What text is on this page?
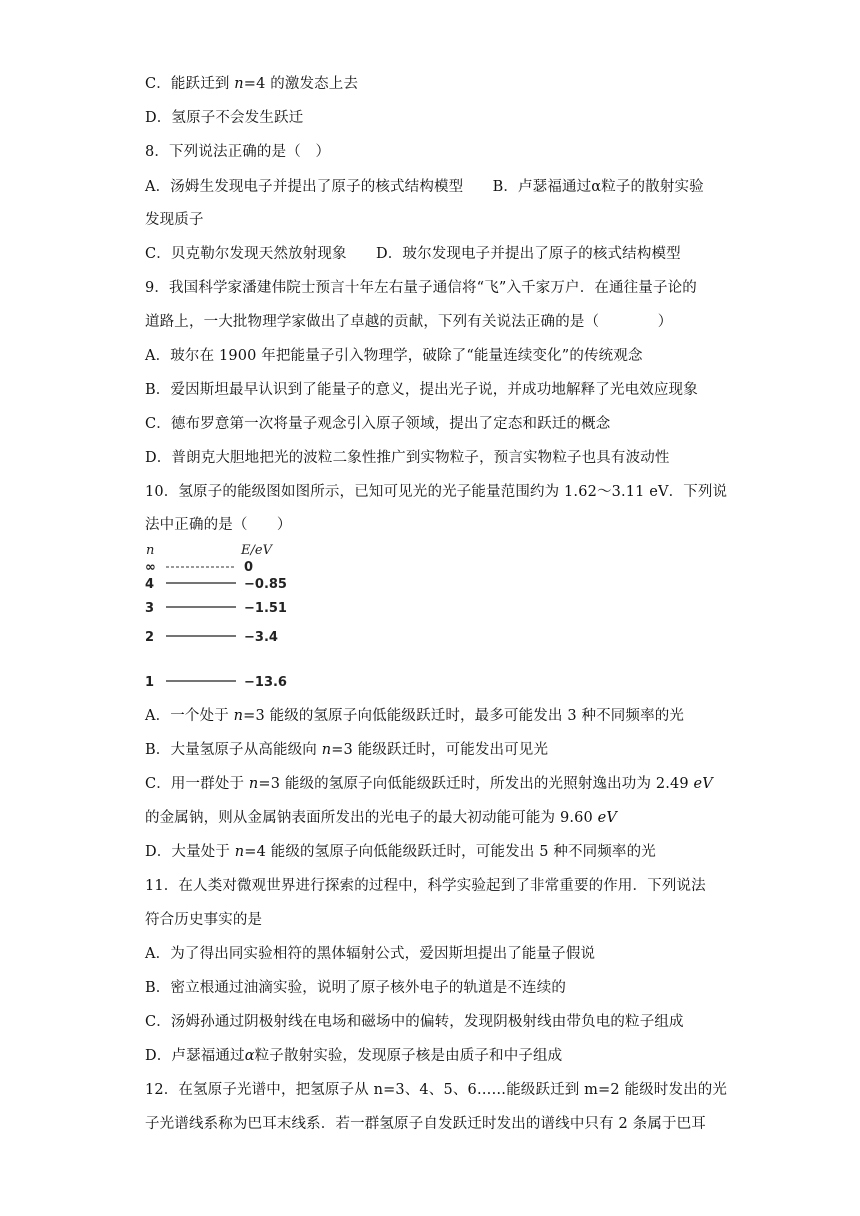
C．能跃迁到 n=4 的激发态上去
D．氢原子不会发生跃迁
8．下列说法正确的是（　）
A．汤姆生发现电子并提出了原子的核式结构模型　　B．卢瑟福通过α粒子的散射实验
发现质子
C．贝克勒尔发现天然放射现象　　D．玻尔发现电子并提出了原子的核式结构模型
9．我国科学家潘建伟院士预言十年左右量子通信将“飞”入千家万户．在通往量子论的
道路上，一大批物理学家做出了卓越的贡献，下列有关说法正确的是（　　　　）
A．玻尔在 1900 年把能量子引入物理学，破除了“能量连续变化”的传统观念
B．爱因斯坦最早认识到了能量子的意义，提出光子说，并成功地解释了光电效应现象
C．德布罗意第一次将量子观念引入原子领域，提出了定态和跃迁的概念
D．普朗克大胆地把光的波粒二象性推广到实物粒子，预言实物粒子也具有波动性
10．氢原子的能级图如图所示，已知可见光的光子能量范围约为 1.62～3.11 eV．下列说
法中正确的是（　　）
n	E/eV
∞	0
4	−0.85
3	−1.51
2	−3.4
1	−13.6
A．一个处于 n=3 能级的氢原子向低能级跃迁时，最多可能发出 3 种不同频率的光
B．大量氢原子从高能级向 n=3 能级跃迁时，可能发出可见光
C．用一群处于 n=3 能级的氢原子向低能级跃迁时，所发出的光照射逸出功为 2.49 eV
的金属钠，则从金属钠表面所发出的光电子的最大初动能可能为 9.60 eV
D．大量处于 n=4 能级的氢原子向低能级跃迁时，可能发出 5 种不同频率的光
11．在人类对微观世界进行探索的过程中，科学实验起到了非常重要的作用．下列说法
符合历史事实的是
A．为了得出同实验相符的黑体辐射公式，爱因斯坦提出了能量子假说
B．密立根通过油滴实验，说明了原子核外电子的轨道是不连续的
C．汤姆孙通过阴极射线在电场和磁场中的偏转，发现阴极射线由带负电的粒子组成
D．卢瑟福通过α粒子散射实验，发现原子核是由质子和中子组成
12．在氢原子光谱中，把氢原子从 n=3、4、5、6……能级跃迁到 m=2 能级时发出的光
子光谱线系称为巴耳末线系．若一群氢原子自发跃迁时发出的谱线中只有 2 条属于巴耳
